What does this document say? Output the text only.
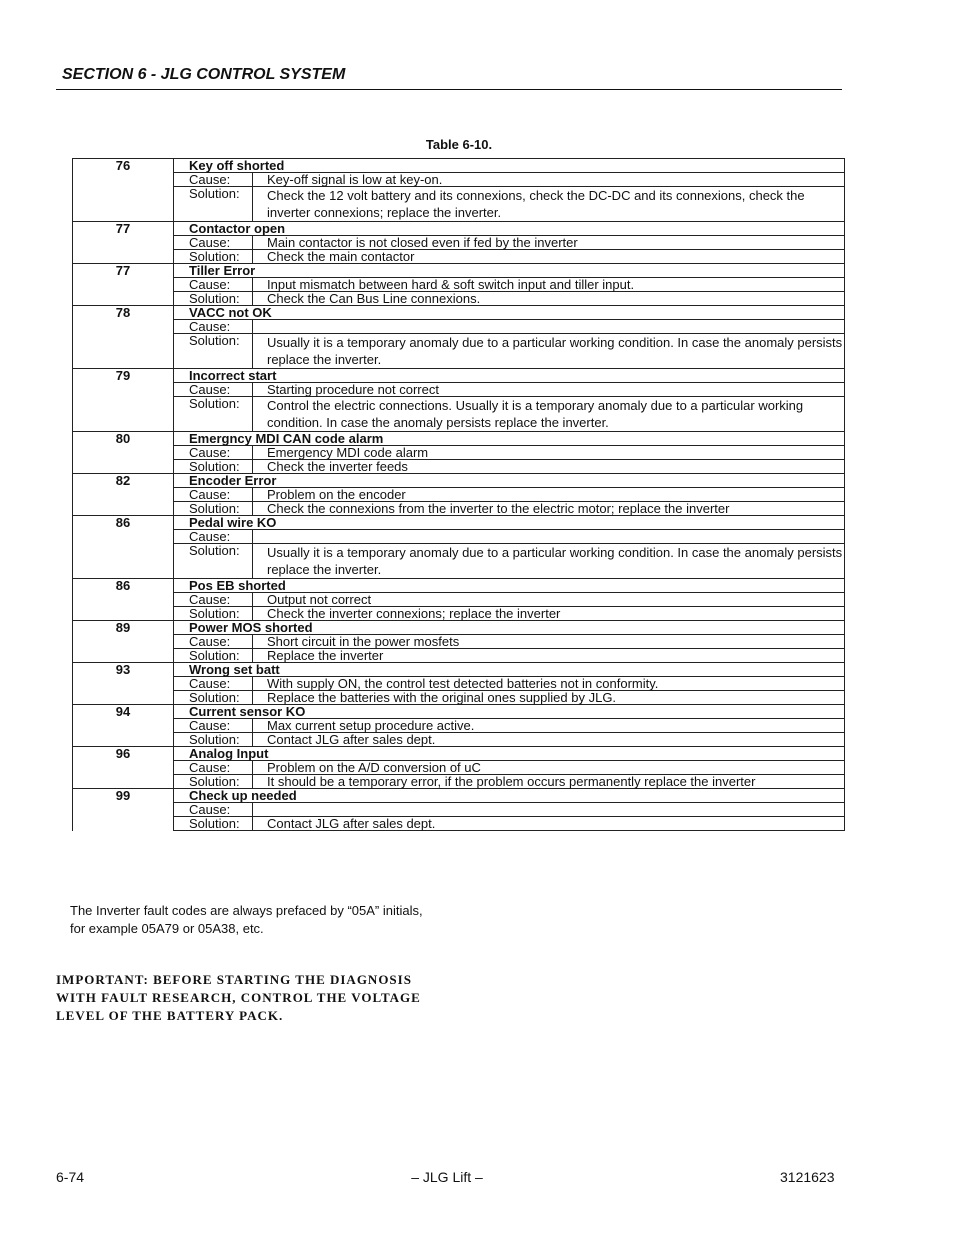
SECTION 6 - JLG CONTROL SYSTEM
Table 6-10.
76	Key off shorted	
	Cause:	Key-off signal is low at key-on.
	Solution:	Check the 12 volt battery and its connexions, check the DC-DC and its connexions, check the inverter connexions; replace the inverter.
77	Contactor open	
	Cause:	Main contactor is not closed even if fed by the inverter
	Solution:	Check the main contactor
77	Tiller Error	
	Cause:	Input mismatch between hard & soft switch input and tiller input.
	Solution:	Check the Can Bus Line connexions.
78	VACC not OK	
	Cause:	
	Solution:	Usually it is a temporary anomaly due to a particular working condition. In case the anomaly persists replace the inverter.
79	Incorrect start	
	Cause:	Starting procedure not correct
	Solution:	Control the electric connections. Usually it is a temporary anomaly due to a particular working condition. In case the anomaly persists replace the inverter.
80	Emergncy MDI CAN code alarm	
	Cause:	Emergency MDI code alarm
	Solution:	Check the inverter feeds
82	Encoder Error	
	Cause:	Problem on the encoder
	Solution:	Check the connexions from the inverter to the electric motor; replace the inverter
86	Pedal wire KO	
	Cause:	
	Solution:	Usually it is a temporary anomaly due to a particular working condition. In case the anomaly persists replace the inverter.
86	Pos EB shorted	
	Cause:	Output not correct
	Solution:	Check the inverter connexions; replace the inverter
89	Power MOS shorted	
	Cause:	Short circuit in the power mosfets
	Solution:	Replace the inverter
93	Wrong set batt	
	Cause:	With supply ON, the control test detected batteries not in conformity.
	Solution:	Replace the batteries with the original ones supplied by JLG.
94	Current sensor KO	
	Cause:	Max current setup procedure active.
	Solution:	Contact JLG after sales dept.
96	Analog Input	
	Cause:	Problem on the A/D conversion of uC
	Solution:	It should be a temporary error, if the problem occurs permanently replace the inverter
99	Check up needed	
	Cause:	
	Solution:	Contact JLG after sales dept.
The Inverter fault codes are always prefaced by “05A” initials, for example 05A79 or 05A38, etc.
IMPORTANT: BEFORE STARTING THE DIAGNOSIS WITH FAULT RESEARCH, CONTROL THE VOLTAGE LEVEL OF THE BATTERY PACK.
6-74	– JLG Lift –	3121623
